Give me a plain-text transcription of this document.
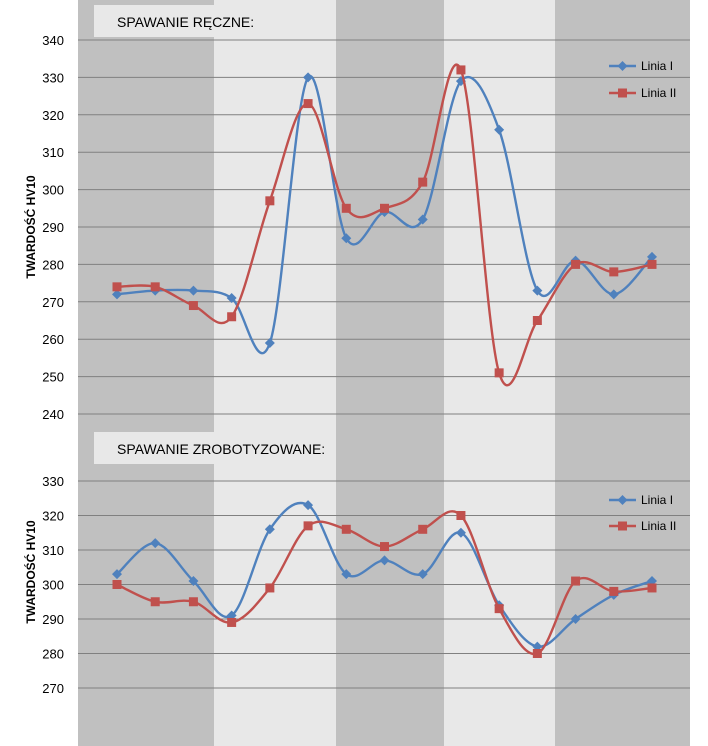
240
250
260
270
280
290
300
310
320
330
340
SPAWANIE RĘCZNE:
TWARDOŚĆ HV10
Linia I
Linia II
270
280
290
300
310
320
330
SPAWANIE ZROBOTYZOWANE:
TWARDOŚĆ HV10
Linia I
Linia II
